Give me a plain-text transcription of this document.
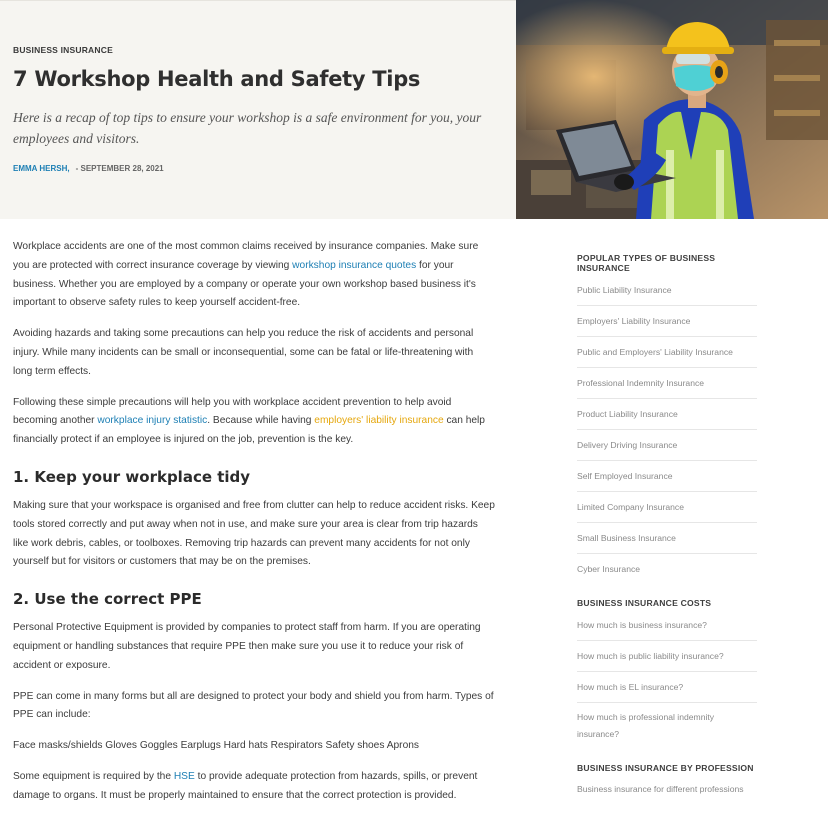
BUSINESS INSURANCE
7 Workshop Health and Safety Tips

Here is a recap of top tips to ensure your workshop is a safe environment for you, your employees and visitors.

EMMA HERSH, - SEPTEMBER 28, 2021

Workplace accidents are one of the most common claims received by insurance companies. Make sure you are protected with correct insurance coverage by viewing workshop insurance quotes for your business. Whether you are employed by a company or operate your own workshop based business it's important to observe safety rules to keep yourself accident-free.

Avoiding hazards and taking some precautions can help you reduce the risk of accidents and personal injury. While many incidents can be small or inconsequential, some can be fatal or life-threatening with long term effects.

Following these simple precautions will help you with workplace accident prevention to help avoid becoming another workplace injury statistic. Because while having employers' liability insurance can help financially protect if an employee is injured on the job, prevention is the key.

1. Keep your workplace tidy

Making sure that your workspace is organised and free from clutter can help to reduce accident risks. Keep tools stored correctly and put away when not in use, and make sure your area is clear from trip hazards like work debris, cables, or toolboxes. Removing trip hazards can prevent many accidents for not only yourself but for visitors or customers that may be on the premises.

2. Use the correct PPE

Personal Protective Equipment is provided by companies to protect staff from harm. If you are operating equipment or handling substances that require PPE then make sure you use it to reduce your risk of accident or exposure.

PPE can come in many forms but all are designed to protect your body and shield you from harm. Types of PPE can include:

Face masks/shields Gloves Goggles Earplugs Hard hats Respirators Safety shoes Aprons

Some equipment is required by the HSE to provide adequate protection from hazards, spills, or prevent damage to organs. It must be properly maintained to ensure that the correct protection is provided.

POPULAR TYPES OF BUSINESS INSURANCE
Public Liability Insurance
Employers' Liability Insurance
Public and Employers' Liability Insurance
Professional Indemnity Insurance
Product Liability Insurance
Delivery Driving Insurance
Self Employed Insurance
Limited Company Insurance
Small Business Insurance
Cyber Insurance
BUSINESS INSURANCE COSTS
How much is business insurance?
How much is public liability insurance?
How much is EL insurance?
How much is professional indemnity insurance?
BUSINESS INSURANCE BY PROFESSION
Business insurance for different professions
